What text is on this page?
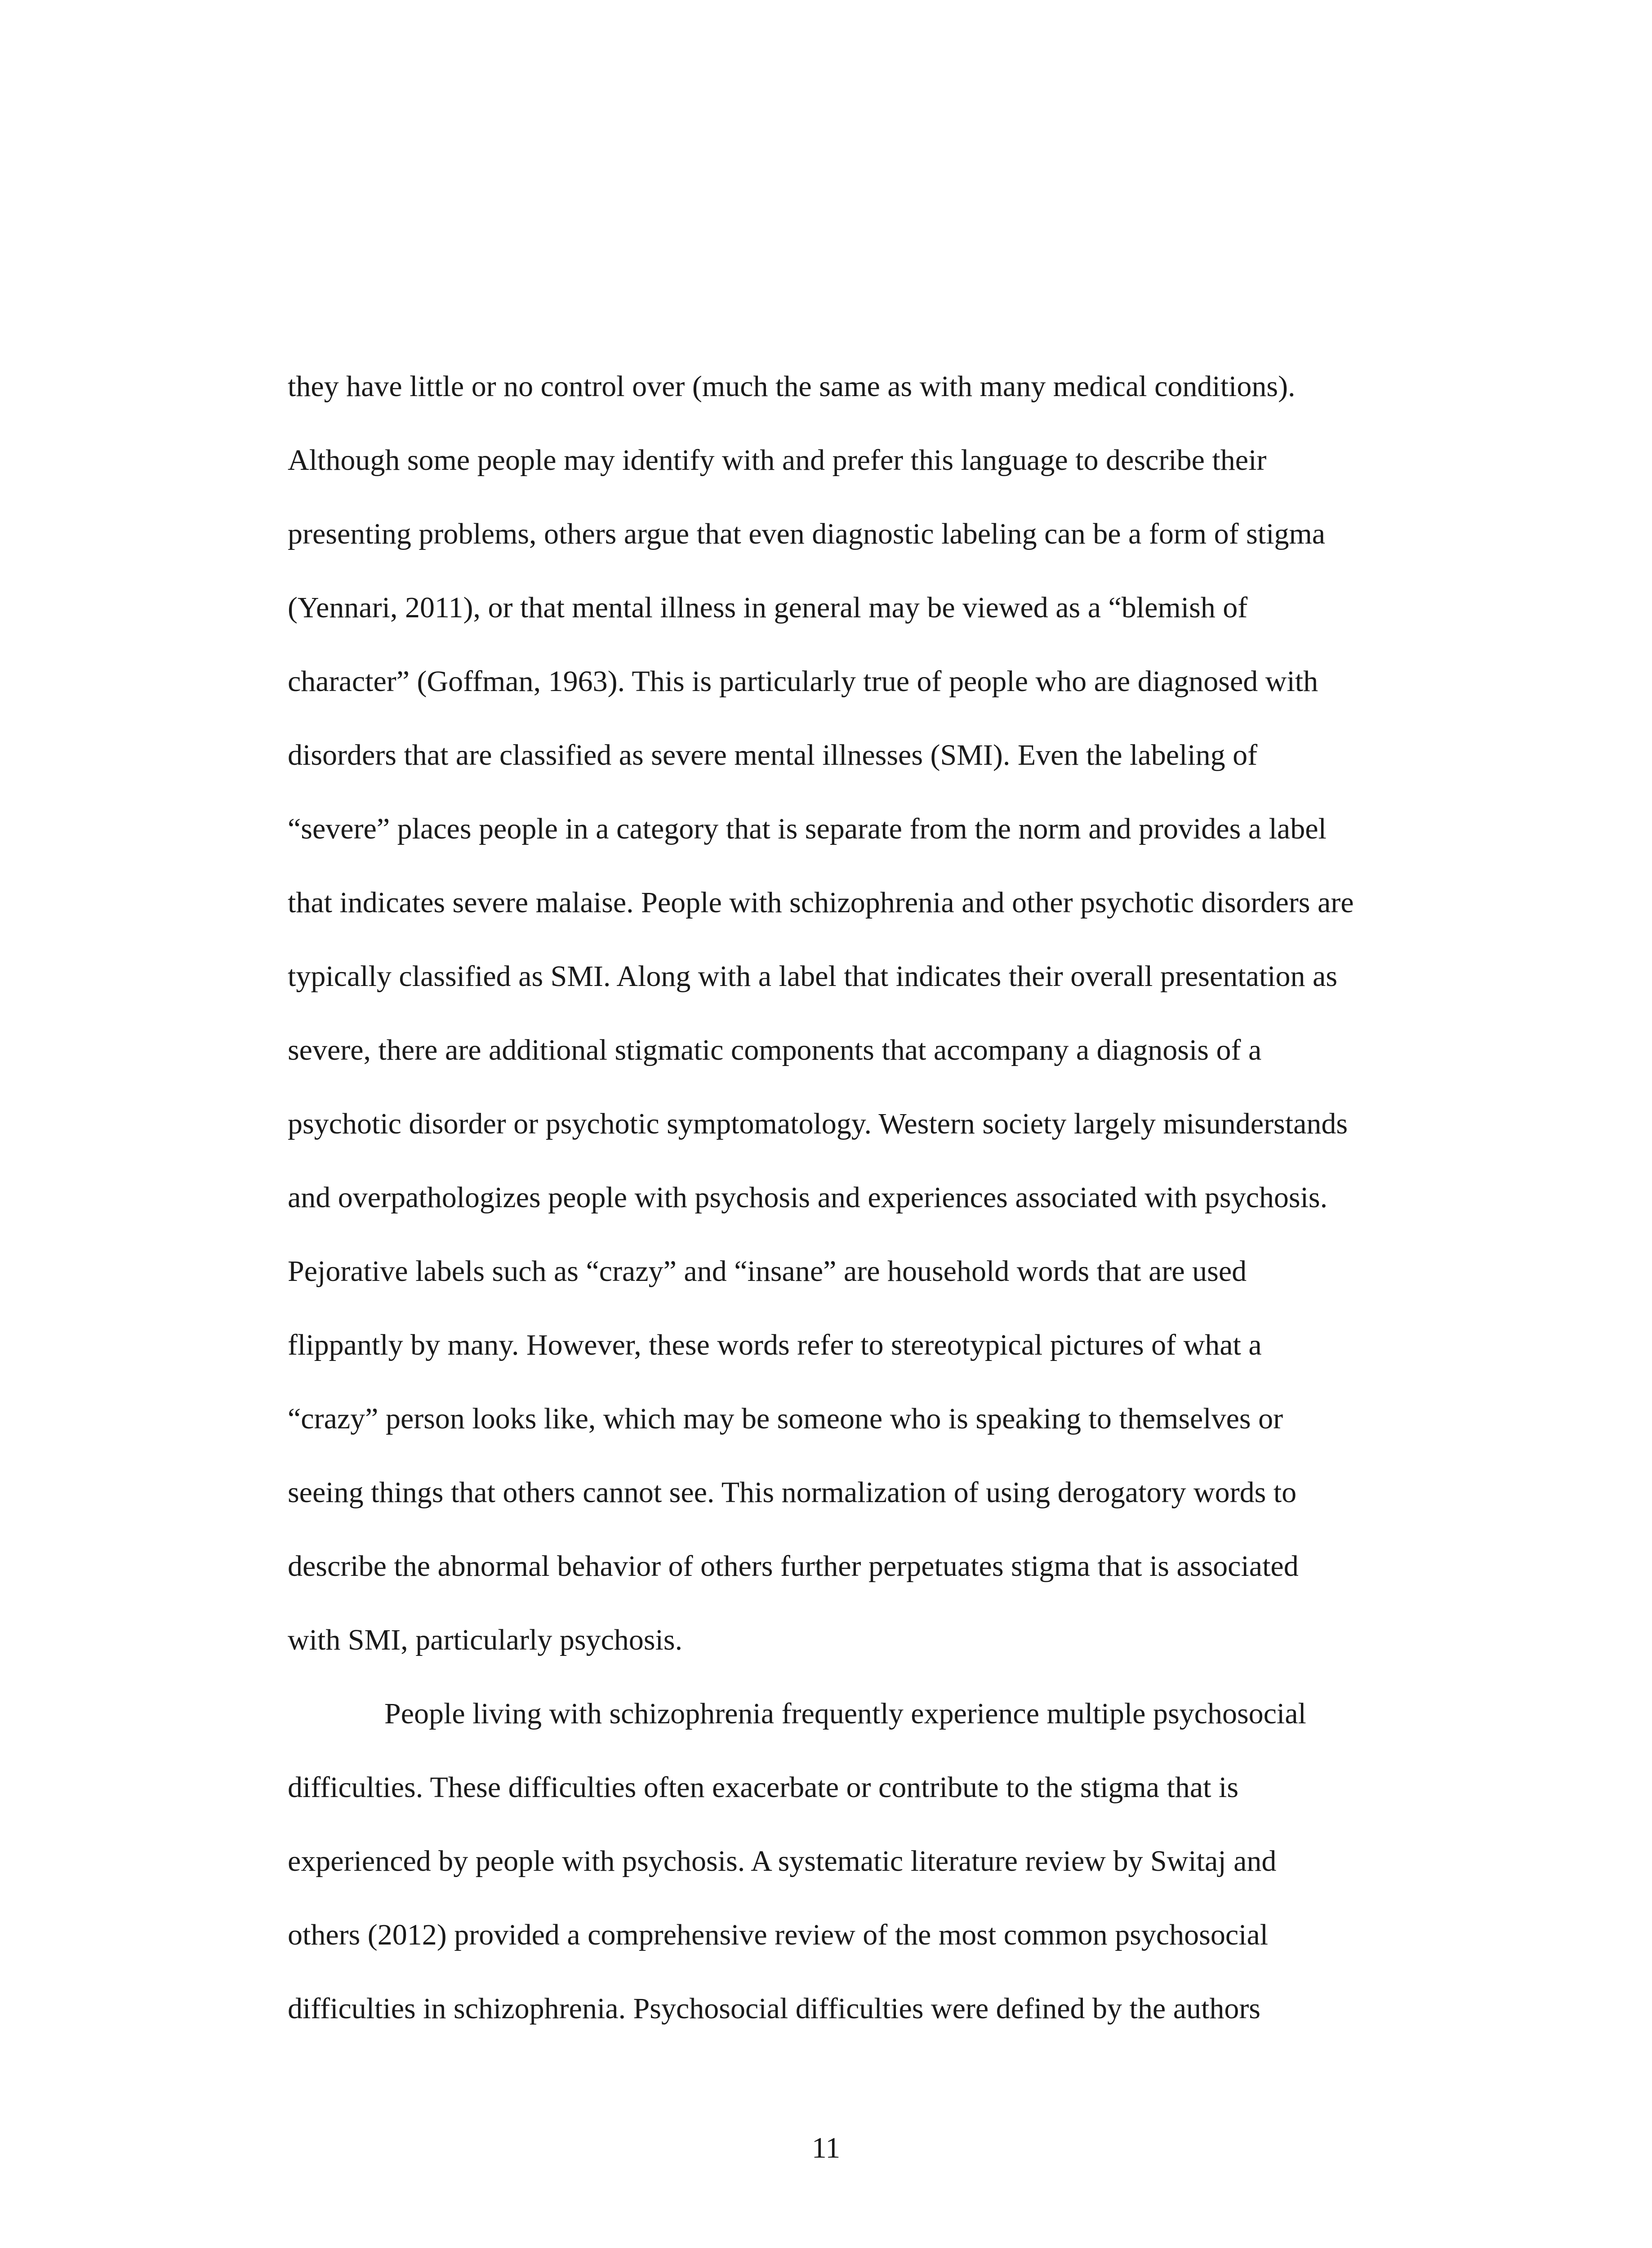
they have little or no control over (much the same as with many medical conditions).
Although some people may identify with and prefer this language to describe their
presenting problems, others argue that even diagnostic labeling can be a form of stigma
(Yennari, 2011), or that mental illness in general may be viewed as a “blemish of
character” (Goffman, 1963). This is particularly true of people who are diagnosed with
disorders that are classified as severe mental illnesses (SMI). Even the labeling of
“severe” places people in a category that is separate from the norm and provides a label
that indicates severe malaise. People with schizophrenia and other psychotic disorders are
typically classified as SMI. Along with a label that indicates their overall presentation as
severe, there are additional stigmatic components that accompany a diagnosis of a
psychotic disorder or psychotic symptomatology. Western society largely misunderstands
and overpathologizes people with psychosis and experiences associated with psychosis.
Pejorative labels such as “crazy” and “insane” are household words that are used
flippantly by many. However, these words refer to stereotypical pictures of what a
“crazy” person looks like, which may be someone who is speaking to themselves or
seeing things that others cannot see. This normalization of using derogatory words to
describe the abnormal behavior of others further perpetuates stigma that is associated
with SMI, particularly psychosis.
People living with schizophrenia frequently experience multiple psychosocial
difficulties. These difficulties often exacerbate or contribute to the stigma that is
experienced by people with psychosis. A systematic literature review by Switaj and
others (2012) provided a comprehensive review of the most common psychosocial
difficulties in schizophrenia. Psychosocial difficulties were defined by the authors
11
